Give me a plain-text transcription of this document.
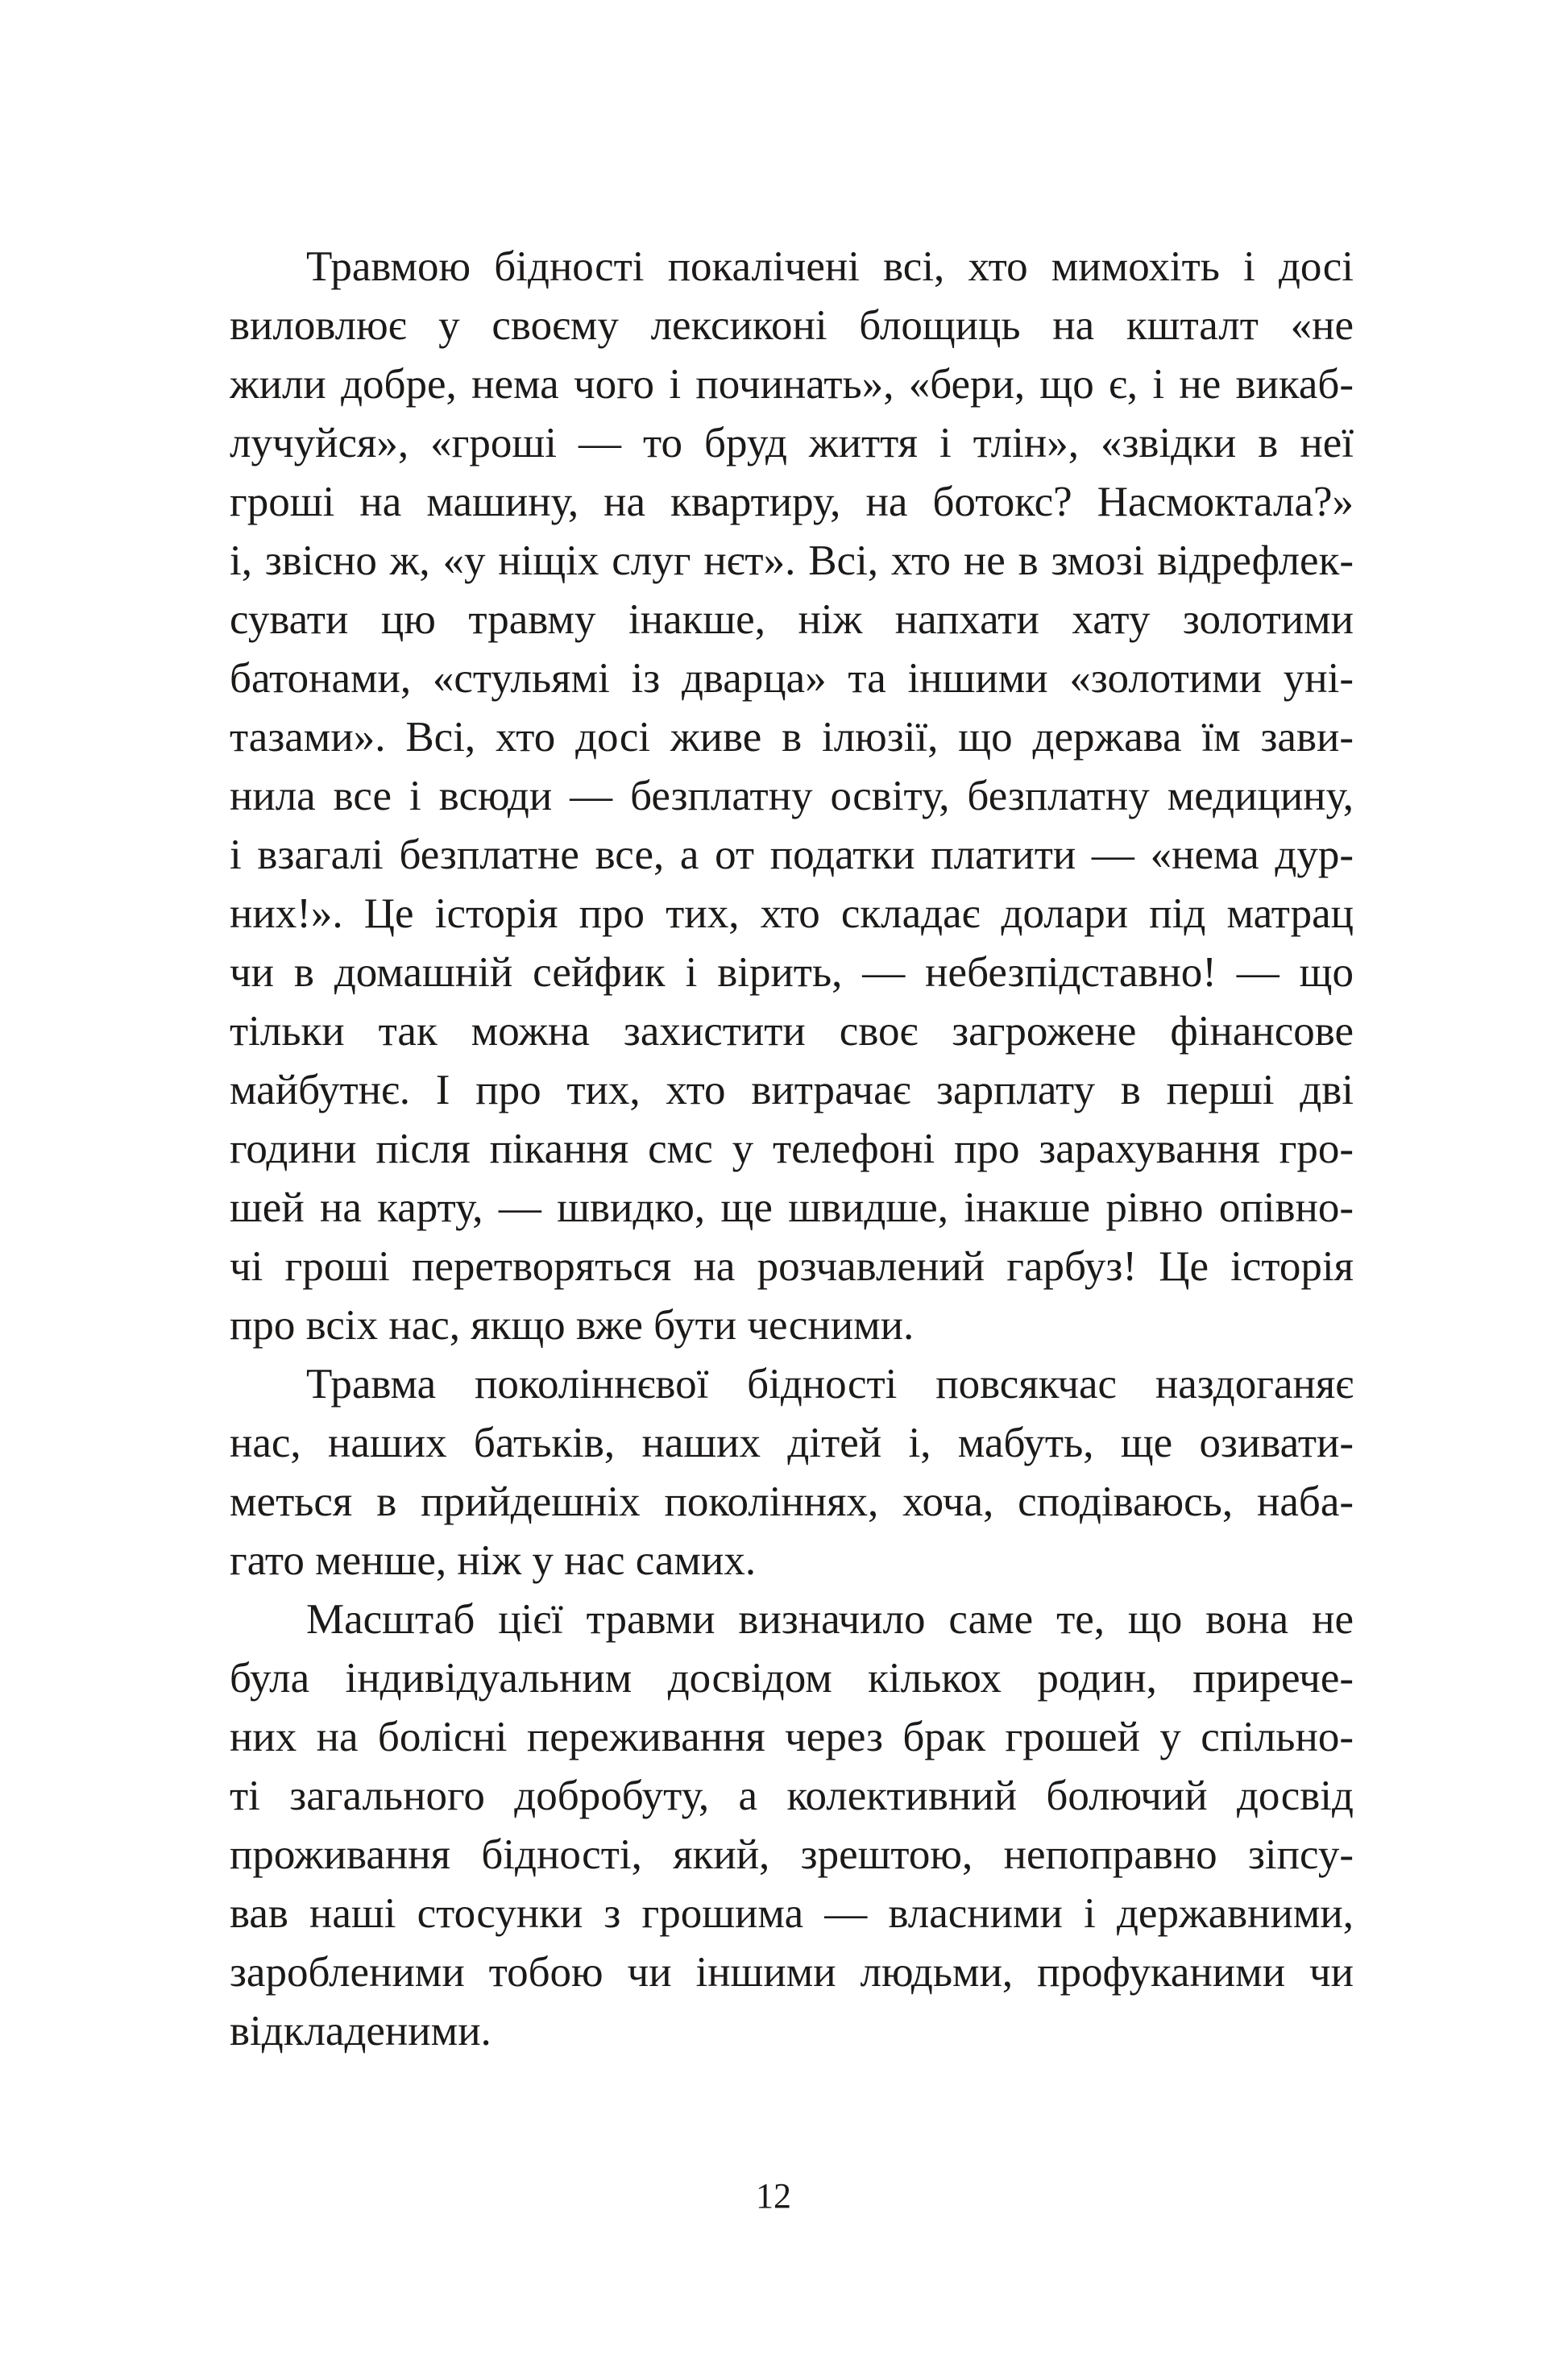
Травмою бідності покалічені всі, хто мимохіть і досі
виловлює у своєму лексиконі блощиць на кшталт «не
жили добре, нема чого і починать», «бери, що є, і не викаб-
лучуйся», «гроші — то бруд життя і тлін», «звідки в неї
гроші на машину, на квартиру, на ботокс? Насмоктала?»
і, звісно ж, «у ніщіх слуг нєт». Всі, хто не в змозі відрефлек-
сувати цю травму інакше, ніж напхати хату золотими
батонами, «стульямі із дварца» та іншими «золотими уні-
тазами». Всі, хто досі живе в ілюзії, що держава їм зави-
нила все і всюди — безплатну освіту, безплатну медицину,
і взагалі безплатне все, а от податки платити — «нема дур-
них!». Це історія про тих, хто складає долари під матрац
чи в домашній сейфик і вірить, — небезпідставно! — що
тільки так можна захистити своє загрожене фінансове
майбутнє. І про тих, хто витрачає зарплату в перші дві
години після пікання смс у телефоні про зарахування гро-
шей на карту, — швидко, ще швидше, інакше рівно опівно-
чі гроші перетворяться на розчавлений гарбуз! Це історія
про всіх нас, якщо вже бути чесними.
Травма поколіннєвої бідності повсякчас наздоганяє
нас, наших батьків, наших дітей і, мабуть, ще озивати-
меться в прийдешніх поколіннях, хоча, сподіваюсь, наба-
гато менше, ніж у нас самих.
Масштаб цієї травми визначило саме те, що вона не
була індивідуальним досвідом кількох родин, прирече-
них на болісні переживання через брак грошей у спільно-
ті загального добробуту, а колективний болючий досвід
проживання бідності, який, зрештою, непоправно зіпсу-
вав наші стосунки з грошима — власними і державними,
заробленими тобою чи іншими людьми, профуканими чи
відкладеними.
12
